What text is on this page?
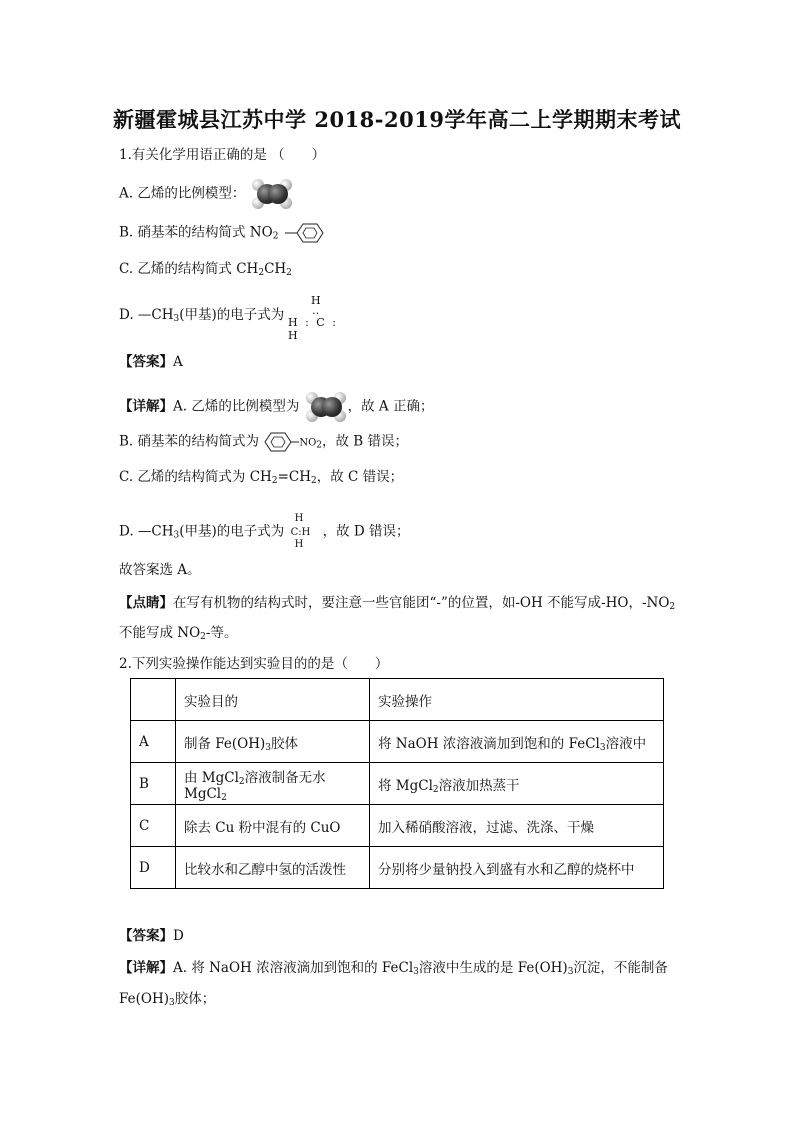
新疆霍城县江苏中学 2018-2019学年高二上学期期末考试
1.有关化学用语正确的是 （　　）
A. 乙烯的比例模型：
B. 硝基苯的结构简式 $NO_2$
C. 乙烯的结构简式 $CH_2CH_2$
D. $—CH_3$(甲基)的电子式为
H
‥
H : C : H
【答案】A
【详解】A. 乙烯的比例模型为	，故 A 正确；
B. 硝基苯的结构简式为	$NO_2$，故 B 错误；
C. 乙烯的结构简式为 $CH_2=CH_2$，故 C 错误；
D. $—CH_3$(甲基)的电子式为
H
C:H
H
，故 D 错误；
故答案选 A。
【点睛】在写有机物的结构式时，要注意一些官能团“-”的位置，如-OH 不能写成-HO，$-NO_2$
不能写成 $NO_2-$等。
2.下列实验操作能达到实验目的的是（　　）
	实验目的	实验操作
A	制备 $Fe(OH)_3$胶体	将 NaOH 浓溶液滴加到饱和的 FeCl$_3$溶液中
B	由 MgCl$_2$溶液制备无水 MgCl$_2$	将 MgCl$_2$溶液加热蒸干
C	除去 Cu 粉中混有的 CuO	加入稀硝酸溶液，过滤、洗涤、干燥
D	比较水和乙醇中氢的活泼性	分别将少量钠投入到盛有水和乙醇的烧杯中
【答案】D
【详解】A. 将 NaOH 浓溶液滴加到饱和的 FeCl$_3$溶液中生成的是 $Fe(OH)_3$沉淀，不能制备
$Fe(OH)_3$胶体；
